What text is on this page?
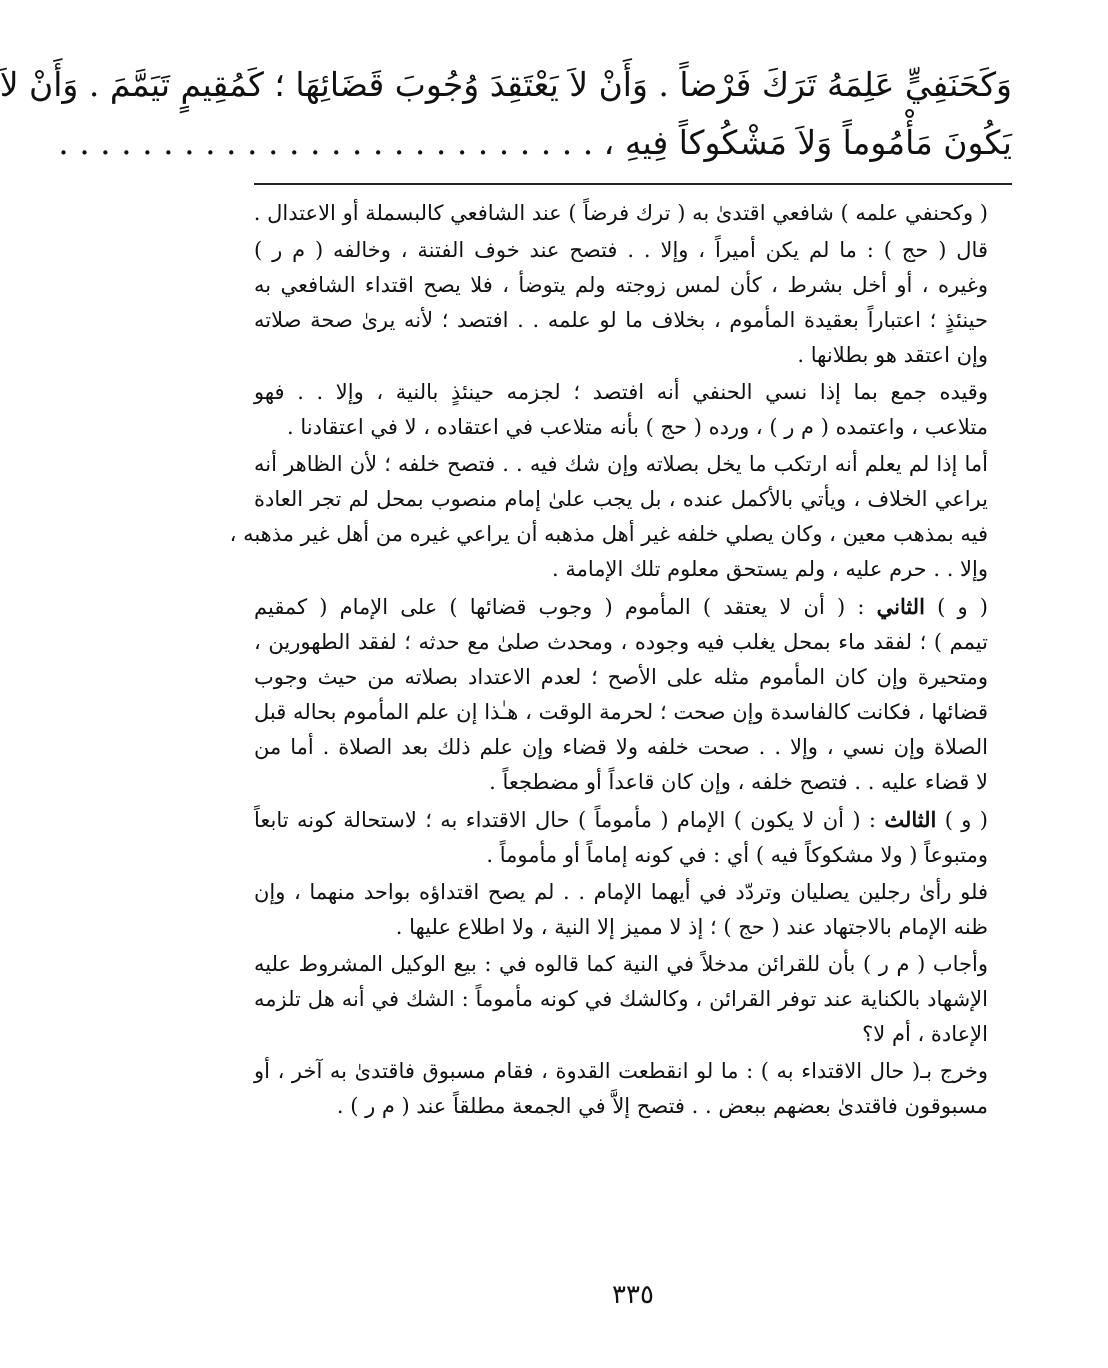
وَكَحَنَفِيٍّ عَلِمَهُ تَرَكَ فَرْضاً . وَأَنْ لاَ يَعْتَقِدَ وُجُوبَ قَضَائِهَا ؛ كَمُقِيمٍ تَيَمَّمَ . وَأَنْ لاَ

يَكُونَ مَأْمُوماً وَلاَ مَشْكُوكاً فِيهِ ، . . . . . . . . . . . . . . . . . . . . . . . . . .

( وكحنفي علمه ) شافعي اقتدىٰ به ( ترك فرضاً ) عند الشافعي كالبسملة أو الاعتدال .

قال ( حج ) : ما لم يكن أميراً ، وإلا . . فتصح عند خوف الفتنة ، وخالفه ( م ر )
وغيره ، أو أخل بشرط ، كأن لمس زوجته ولم يتوضأ ، فلا يصح اقتداء الشافعي به
حينئذٍ ؛ اعتباراً بعقيدة المأموم ، بخلاف ما لو علمه . . افتصد ؛ لأنه يرىٰ صحة صلاته
وإن اعتقد هو بطلانها .

وقيده جمع بما إذا نسي الحنفي أنه افتصد ؛ لجزمه حينئذٍ بالنية ، وإلا . . فهو
متلاعب ، واعتمده ( م ر ) ، ورده ( حج ) بأنه متلاعب في اعتقاده ، لا في اعتقادنا .

أما إذا لم يعلم أنه ارتكب ما يخل بصلاته وإن شك فيه . . فتصح خلفه ؛ لأن الظاهر أنه
يراعي الخلاف ، ويأتي بالأكمل عنده ، بل يجب علىٰ إمام منصوب بمحل لم تجر العادة
فيه بمذهب معين ، وكان يصلي خلفه غير أهل مذهبه أن يراعي غيره من أهل غير مذهبه ،
وإلا . . حرم عليه ، ولم يستحق معلوم تلك الإمامة .

( و ) الثاني : ( أن لا يعتقد ) المأموم ( وجوب قضائها ) على الإمام ( كمقيم
تيمم ) ؛ لفقد ماء بمحل يغلب فيه وجوده ، ومحدث صلىٰ مع حدثه ؛ لفقد الطهورين ،
ومتحيرة وإن كان المأموم مثله على الأصح ؛ لعدم الاعتداد بصلاته من حيث وجوب
قضائها ، فكانت كالفاسدة وإن صحت ؛ لحرمة الوقت ، هـٰذا إن علم المأموم بحاله قبل
الصلاة وإن نسي ، وإلا . . صحت خلفه ولا قضاء وإن علم ذلك بعد الصلاة . أما من
لا قضاء عليه . . فتصح خلفه ، وإن كان قاعداً أو مضطجعاً .

( و ) الثالث : ( أن لا يكون ) الإمام ( مأموماً ) حال الاقتداء به ؛ لاستحالة كونه تابعاً
ومتبوعاً ( ولا مشكوكاً فيه ) أي : في كونه إماماً أو مأموماً .

فلو رأىٰ رجلين يصليان وتردّد في أيهما الإمام . . لم يصح اقتداؤه بواحد منهما ، وإن
ظنه الإمام بالاجتهاد عند ( حج ) ؛ إذ لا مميز إلا النية ، ولا اطلاع عليها .

وأجاب ( م ر ) بأن للقرائن مدخلاً في النية كما قالوه في : بيع الوكيل المشروط عليه
الإشهاد بالكناية عند توفر القرائن ، وكالشك في كونه مأموماً : الشك في أنه هل تلزمه
الإعادة ، أم لا؟

وخرج بـ( حال الاقتداء به ) : ما لو انقطعت القدوة ، فقام مسبوق فاقتدىٰ به آخر ، أو
مسبوقون فاقتدىٰ بعضهم ببعض . . فتصح إلاَّ في الجمعة مطلقاً عند ( م ر ) .

٣٣٥
